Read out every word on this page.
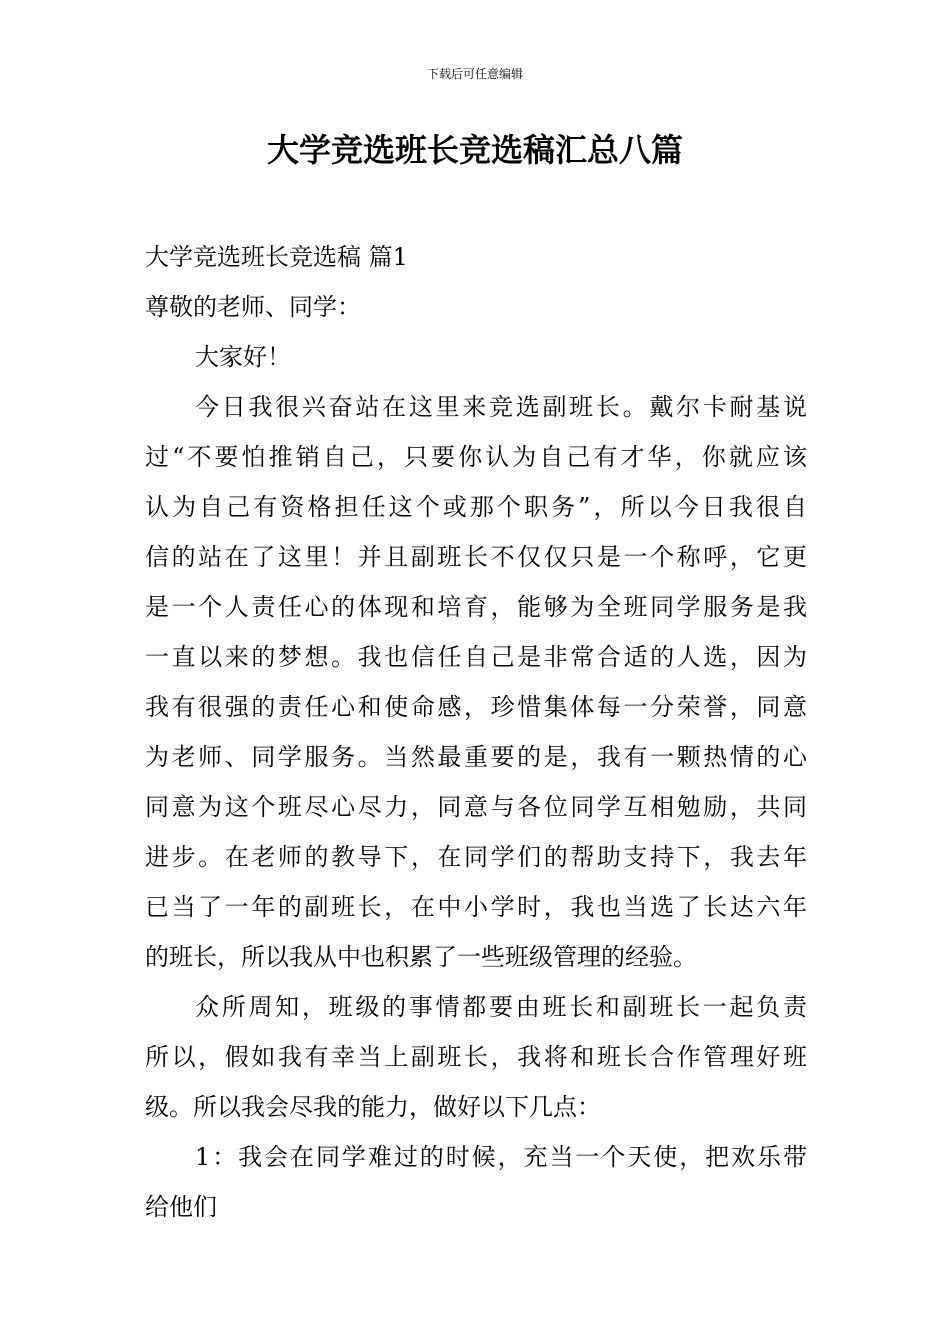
下载后可任意编辑
大学竞选班长竞选稿汇总八篇
大学竞选班长竞选稿 篇1
尊敬的老师、同学：
大家好！
今日我很兴奋站在这里来竞选副班长。戴尔卡耐基说
过“不要怕推销自己，只要你认为自己有才华，你就应该
认为自己有资格担任这个或那个职务”，所以今日我很自
信的站在了这里！并且副班长不仅仅只是一个称呼，它更
是一个人责任心的体现和培育，能够为全班同学服务是我
一直以来的梦想。我也信任自己是非常合适的人选，因为
我有很强的责任心和使命感，珍惜集体每一分荣誉，同意
为老师、同学服务。当然最重要的是，我有一颗热情的心
同意为这个班尽心尽力，同意与各位同学互相勉励，共同
进步。在老师的教导下，在同学们的帮助支持下，我去年
已当了一年的副班长，在中小学时，我也当选了长达六年
的班长，所以我从中也积累了一些班级管理的经验。
众所周知，班级的事情都要由班长和副班长一起负责
所以，假如我有幸当上副班长，我将和班长合作管理好班
级。所以我会尽我的能力，做好以下几点：
1：我会在同学难过的时候，充当一个天使，把欢乐带
给他们
